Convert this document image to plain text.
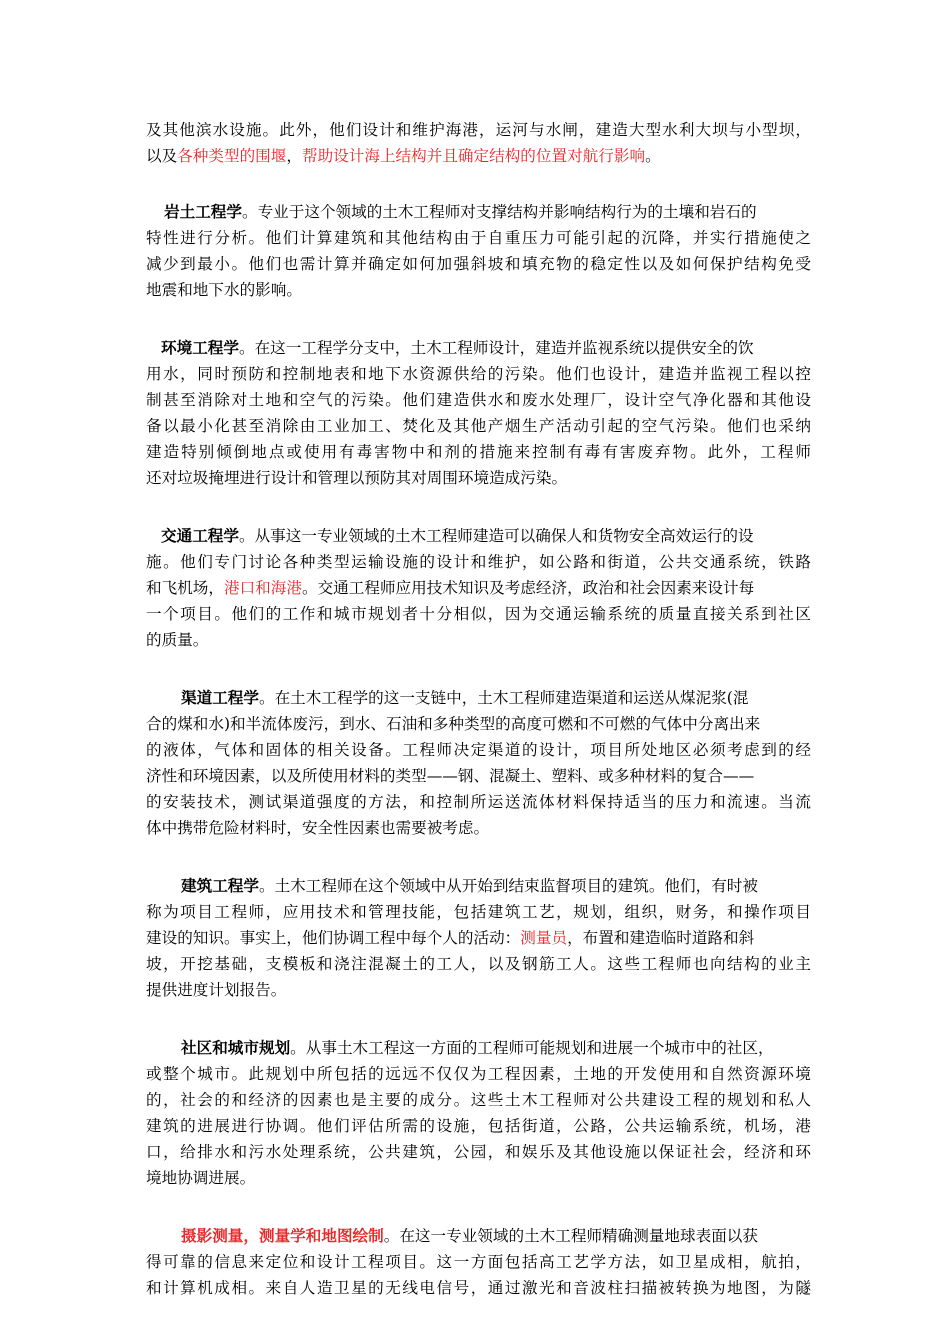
及其他滨水设施。此外，他们设计和维护海港，运河与水闸，建造大型水利大坝与小型坝，
以及各种类型的围堰，帮助设计海上结构并且确定结构的位置对航行影响。
岩土工程学。专业于这个领域的土木工程师对支撑结构并影响结构行为的土壤和岩石的
特性进行分析。他们计算建筑和其他结构由于自重压力可能引起的沉降，并实行措施使之
减少到最小。他们也需计算并确定如何加强斜坡和填充物的稳定性以及如何保护结构免受
地震和地下水的影响。
环境工程学。在这一工程学分支中，土木工程师设计，建造并监视系统以提供安全的饮
用水，同时预防和控制地表和地下水资源供给的污染。他们也设计，建造并监视工程以控
制甚至消除对土地和空气的污染。他们建造供水和废水处理厂，设计空气净化器和其他设
备以最小化甚至消除由工业加工、焚化及其他产烟生产活动引起的空气污染。他们也采纳
建造特别倾倒地点或使用有毒害物中和剂的措施来控制有毒有害废弃物。此外，工程师
还对垃圾掩埋进行设计和管理以预防其对周围环境造成污染。
交通工程学。从事这一专业领域的土木工程师建造可以确保人和货物安全高效运行的设
施。他们专门讨论各种类型运输设施的设计和维护，如公路和街道，公共交通系统，铁路
和飞机场，港口和海港。交通工程师应用技术知识及考虑经济，政治和社会因素来设计每
一个项目。他们的工作和城市规划者十分相似，因为交通运输系统的质量直接关系到社区
的质量。
渠道工程学。在土木工程学的这一支链中，土木工程师建造渠道和运送从煤泥浆(混
合的煤和水)和半流体废污，到水、石油和多种类型的高度可燃和不可燃的气体中分离出来
的液体，气体和固体的相关设备。工程师决定渠道的设计，项目所处地区必须考虑到的经
济性和环境因素，以及所使用材料的类型——钢、混凝土、塑料、或多种材料的复合——
的安装技术，测试渠道强度的方法，和控制所运送流体材料保持适当的压力和流速。当流
体中携带危险材料时，安全性因素也需要被考虑。
建筑工程学。土木工程师在这个领域中从开始到结束监督项目的建筑。他们，有时被
称为项目工程师，应用技术和管理技能，包括建筑工艺，规划，组织，财务，和操作项目
建设的知识。事实上，他们协调工程中每个人的活动：测量员，布置和建造临时道路和斜
坡，开挖基础，支模板和浇注混凝土的工人，以及钢筋工人。这些工程师也向结构的业主
提供进度计划报告。
社区和城市规划。从事土木工程这一方面的工程师可能规划和进展一个城市中的社区，
或整个城市。此规划中所包括的远远不仅仅为工程因素，土地的开发使用和自然资源环境
的，社会的和经济的因素也是主要的成分。这些土木工程师对公共建设工程的规划和私人
建筑的进展进行协调。他们评估所需的设施，包括街道，公路，公共运输系统，机场，港
口，给排水和污水处理系统，公共建筑，公园，和娱乐及其他设施以保证社会，经济和环
境地协调进展。
摄影测量，测量学和地图绘制。在这一专业领域的土木工程师精确测量地球表面以获
得可靠的信息来定位和设计工程项目。这一方面包括高工艺学方法，如卫星成相，航拍，
和计算机成相。来自人造卫星的无线电信号，通过激光和音波柱扫描被转换为地图，为隧
